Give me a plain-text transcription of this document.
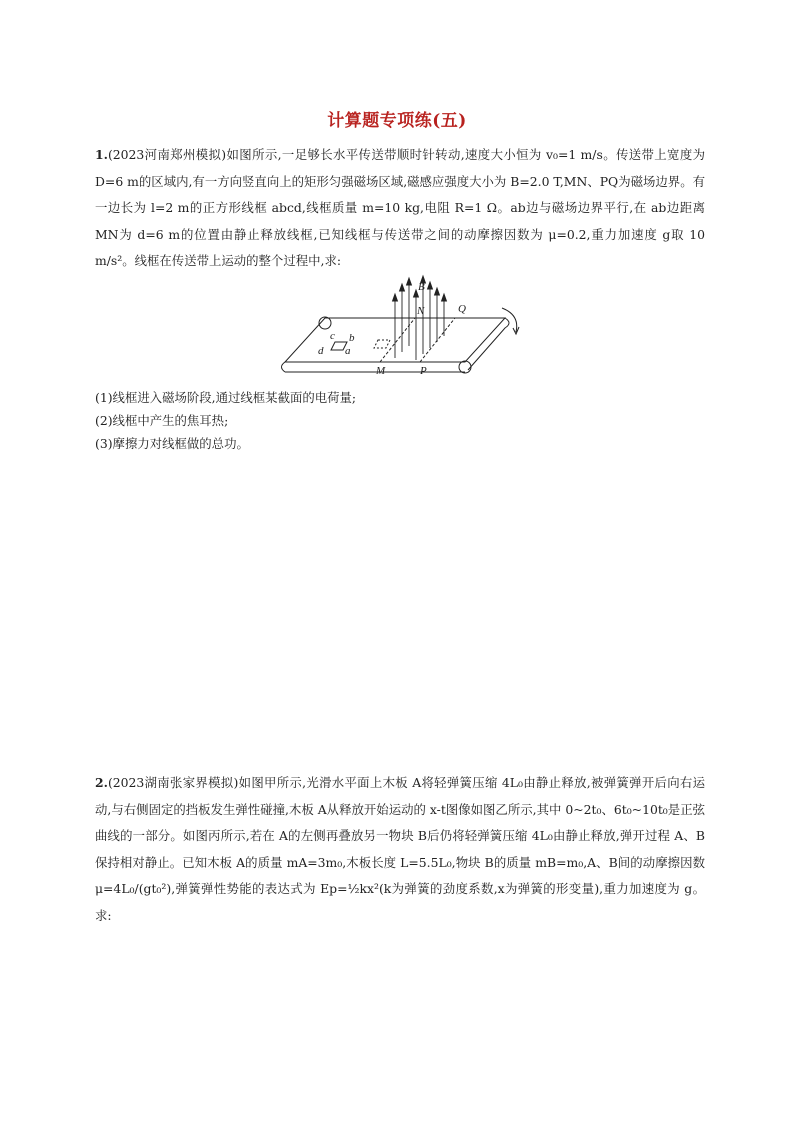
计算题专项练(五)
1.(2023河南郑州模拟)如图所示,一足够长水平传送带顺时针转动,速度大小恒为 v₀=1 m/s。传送带上宽度为 D=6 m的区域内,有一方向竖直向上的矩形匀强磁场区域,磁感应强度大小为 B=2.0 T,MN、PQ为磁场边界。有一边长为 l=2 m的正方形线框 abcd,线框质量 m=10 kg,电阻 R=1 Ω。ab边与磁场边界平行,在 ab边距离 MN为 d=6 m的位置由静止释放线框,已知线框与传送带之间的动摩擦因数为 μ=0.2,重力加速度 g取 10 m/s²。线框在传送带上运动的整个过程中,求:
B
Q
N
M	P
a
b
c
d
(1)线框进入磁场阶段,通过线框某截面的电荷量;
(2)线框中产生的焦耳热;
(3)摩擦力对线框做的总功。
2.(2023湖南张家界模拟)如图甲所示,光滑水平面上木板 A将轻弹簧压缩 4L₀由静止释放,被弹簧弹开后向右运动,与右侧固定的挡板发生弹性碰撞,木板 A从释放开始运动的 x-t图像如图乙所示,其中 0~2t₀、6t₀~10t₀是正弦曲线的一部分。如图丙所示,若在 A的左侧再叠放另一物块 B后仍将轻弹簧压缩 4L₀由静止释放,弹开过程 A、B保持相对静止。已知木板 A的质量 mA=3m₀,木板长度 L=5.5L₀,物块 B的质量 mB=m₀,A、B间的动摩擦因数 μ=4L₀/(gt₀²),弹簧弹性势能的表达式为 Ep=½kx²(k为弹簧的劲度系数,x为弹簧的形变量),重力加速度为 g。求:
